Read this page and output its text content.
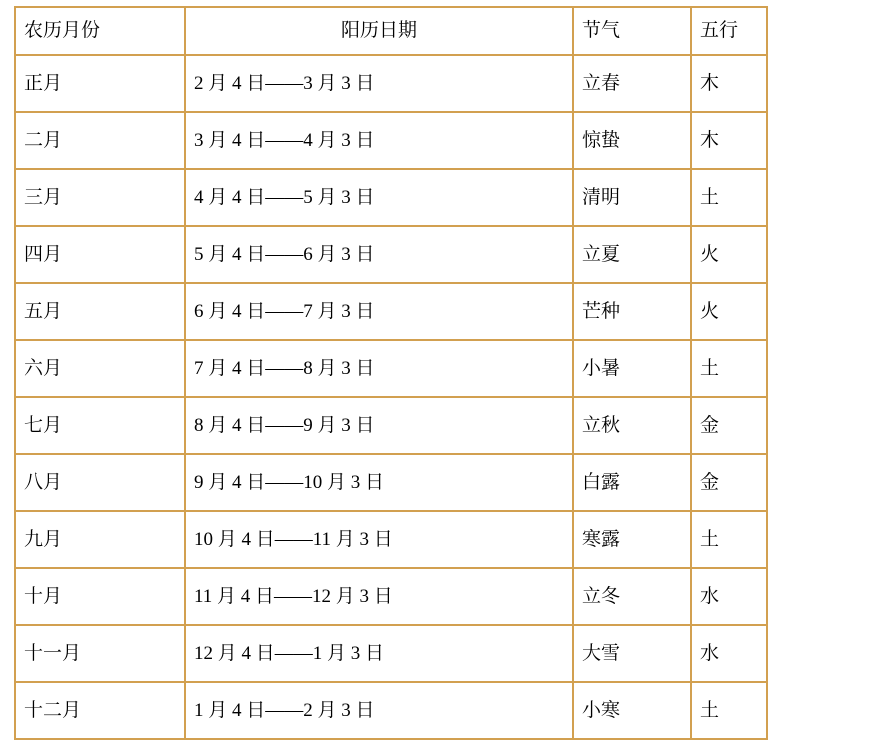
农历月份	阳历日期	节气	五行
正月	2 月 4 日——3 月 3 日	立春	木
二月	3 月 4 日——4 月 3 日	惊蛰	木
三月	4 月 4 日——5 月 3 日	清明	土
四月	5 月 4 日——6 月 3 日	立夏	火
五月	6 月 4 日——7 月 3 日	芒种	火
六月	7 月 4 日——8 月 3 日	小暑	土
七月	8 月 4 日——9 月 3 日	立秋	金
八月	9 月 4 日——10 月 3 日	白露	金
九月	10 月 4 日——11 月 3 日	寒露	土
十月	11 月 4 日——12 月 3 日	立冬	水
十一月	12 月 4 日——1 月 3 日	大雪	水
十二月	1 月 4 日——2 月 3 日	小寒	土
